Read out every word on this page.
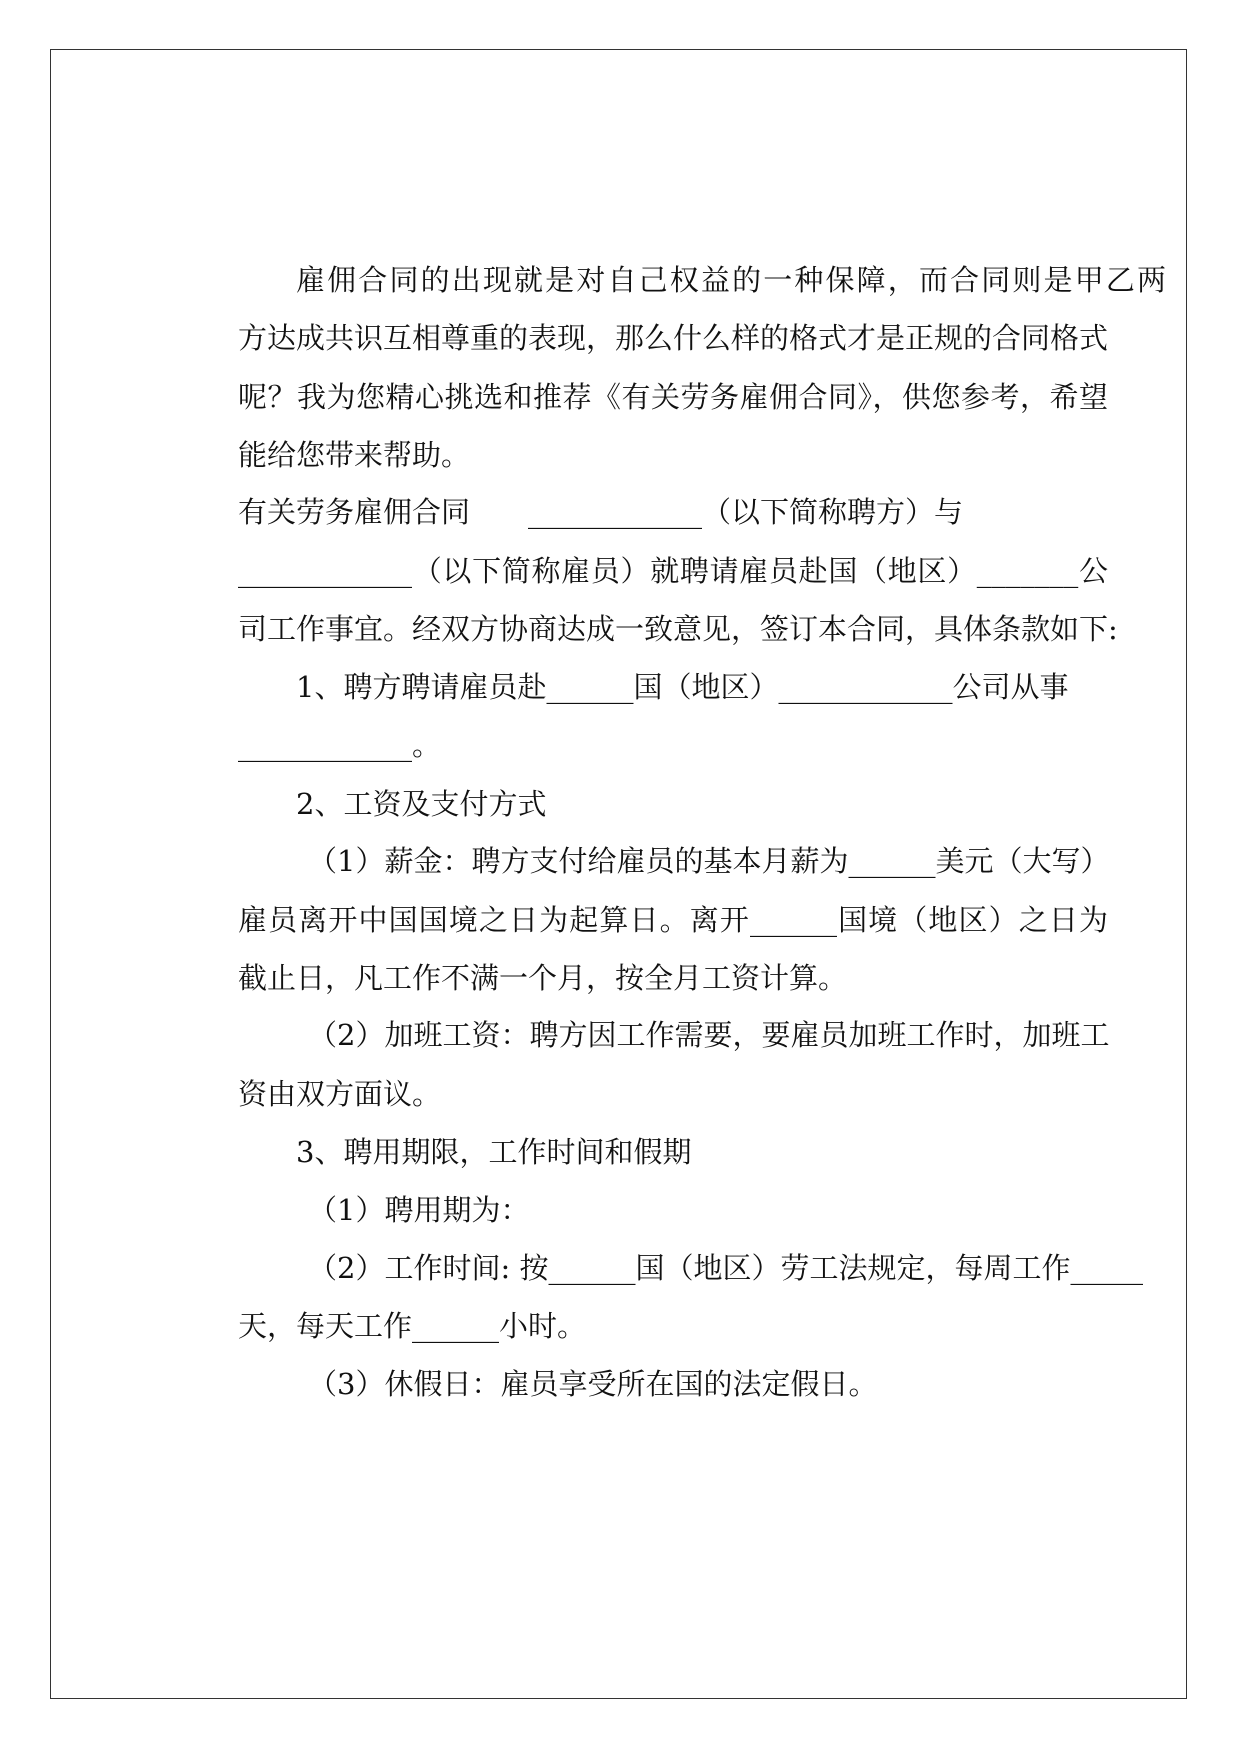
雇佣合同的出现就是对自己权益的一种保障，而合同则是甲乙两
方达成共识互相尊重的表现，那么什么样的格式才是正规的合同格式
呢？我为您精心挑选和推荐《有关劳务雇佣合同》，供您参考，希望
能给您带来帮助。
有关劳务雇佣合同　　____________（以下简称聘方）与
____________（以下简称雇员）就聘请雇员赴国（地区）_______公
司工作事宜。经双方协商达成一致意见，签订本合同，具体条款如下:
1、聘方聘请雇员赴______国（地区）____________公司从事
____________。
2、工资及支付方式
（1）薪金：聘方支付给雇员的基本月薪为______美元（大写）
雇员离开中国国境之日为起算日。离开______国境（地区）之日为
截止日，凡工作不满一个月，按全月工资计算。
（2）加班工资：聘方因工作需要，要雇员加班工作时，加班工
资由双方面议。
3、聘用期限，工作时间和假期
（1）聘用期为：
（2）工作时间: 按______国（地区）劳工法规定，每周工作_____
天，每天工作______小时。
（3）休假日：雇员享受所在国的法定假日。
